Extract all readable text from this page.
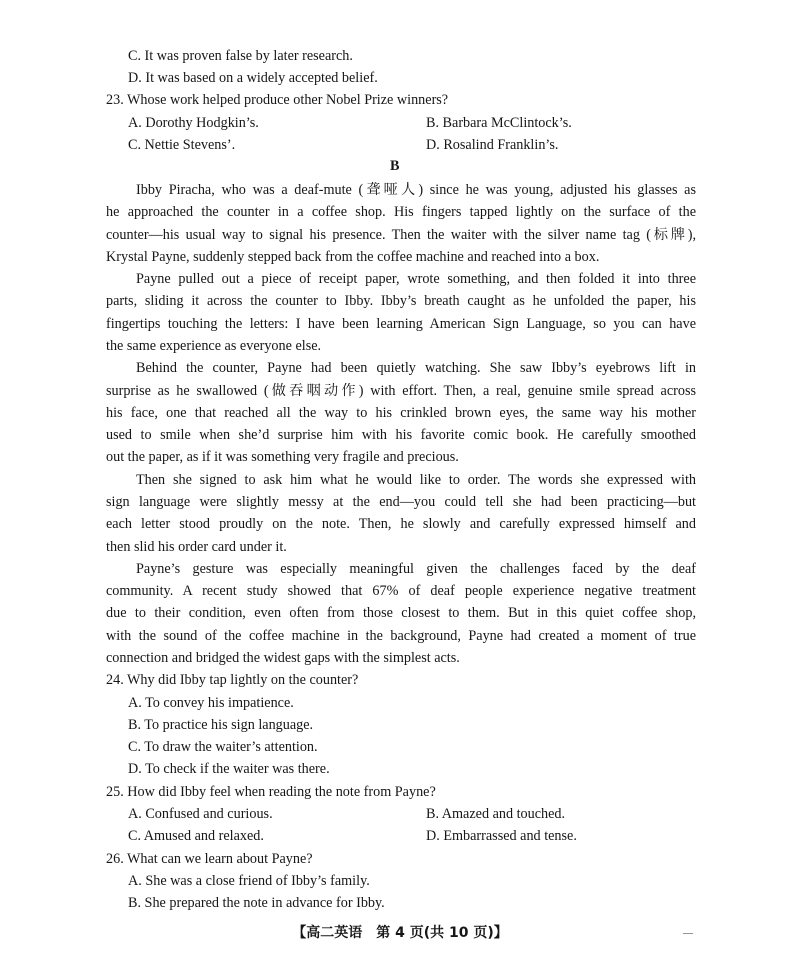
C. It was proven false by later research.
D. It was based on a widely accepted belief.
23. Whose work helped produce other Nobel Prize winners?
A. Dorothy Hodgkin’s.	B. Barbara McClintock’s.
C. Nettie Stevens’.	D. Rosalind Franklin’s.
B
Ibby Piracha, who was a deaf-mute (聋哑人) since he was young, adjusted his glasses as
he approached the counter in a coffee shop. His fingers tapped lightly on the surface of the
counter—his usual way to signal his presence. Then the waiter with the silver name tag (标牌),
Krystal Payne, suddenly stepped back from the coffee machine and reached into a box.
Payne pulled out a piece of receipt paper, wrote something, and then folded it into three
parts, sliding it across the counter to Ibby. Ibby’s breath caught as he unfolded the paper, his
fingertips touching the letters: I have been learning American Sign Language, so you can have
the same experience as everyone else.
Behind the counter, Payne had been quietly watching. She saw Ibby’s eyebrows lift in
surprise as he swallowed (做吞咽动作) with effort. Then, a real, genuine smile spread across
his face, one that reached all the way to his crinkled brown eyes, the same way his mother
used to smile when she’d surprise him with his favorite comic book. He carefully smoothed
out the paper, as if it was something very fragile and precious.
Then she signed to ask him what he would like to order. The words she expressed with
sign language were slightly messy at the end—you could tell she had been practicing—but
each letter stood proudly on the note. Then, he slowly and carefully expressed himself and
then slid his order card under it.
Payne’s gesture was especially meaningful given the challenges faced by the deaf
community. A recent study showed that 67% of deaf people experience negative treatment
due to their condition, even often from those closest to them. But in this quiet coffee shop,
with the sound of the coffee machine in the background, Payne had created a moment of true
connection and bridged the widest gaps with the simplest acts.
24. Why did Ibby tap lightly on the counter?
A. To convey his impatience.
B. To practice his sign language.
C. To draw the waiter’s attention.
D. To check if the waiter was there.
25. How did Ibby feel when reading the note from Payne?
A. Confused and curious.	B. Amazed and touched.
C. Amused and relaxed.	D. Embarrassed and tense.
26. What can we learn about Payne?
A. She was a close friend of Ibby’s family.
B. She prepared the note in advance for Ibby.
【高二英语　第 4 页(共 10 页)】	—
